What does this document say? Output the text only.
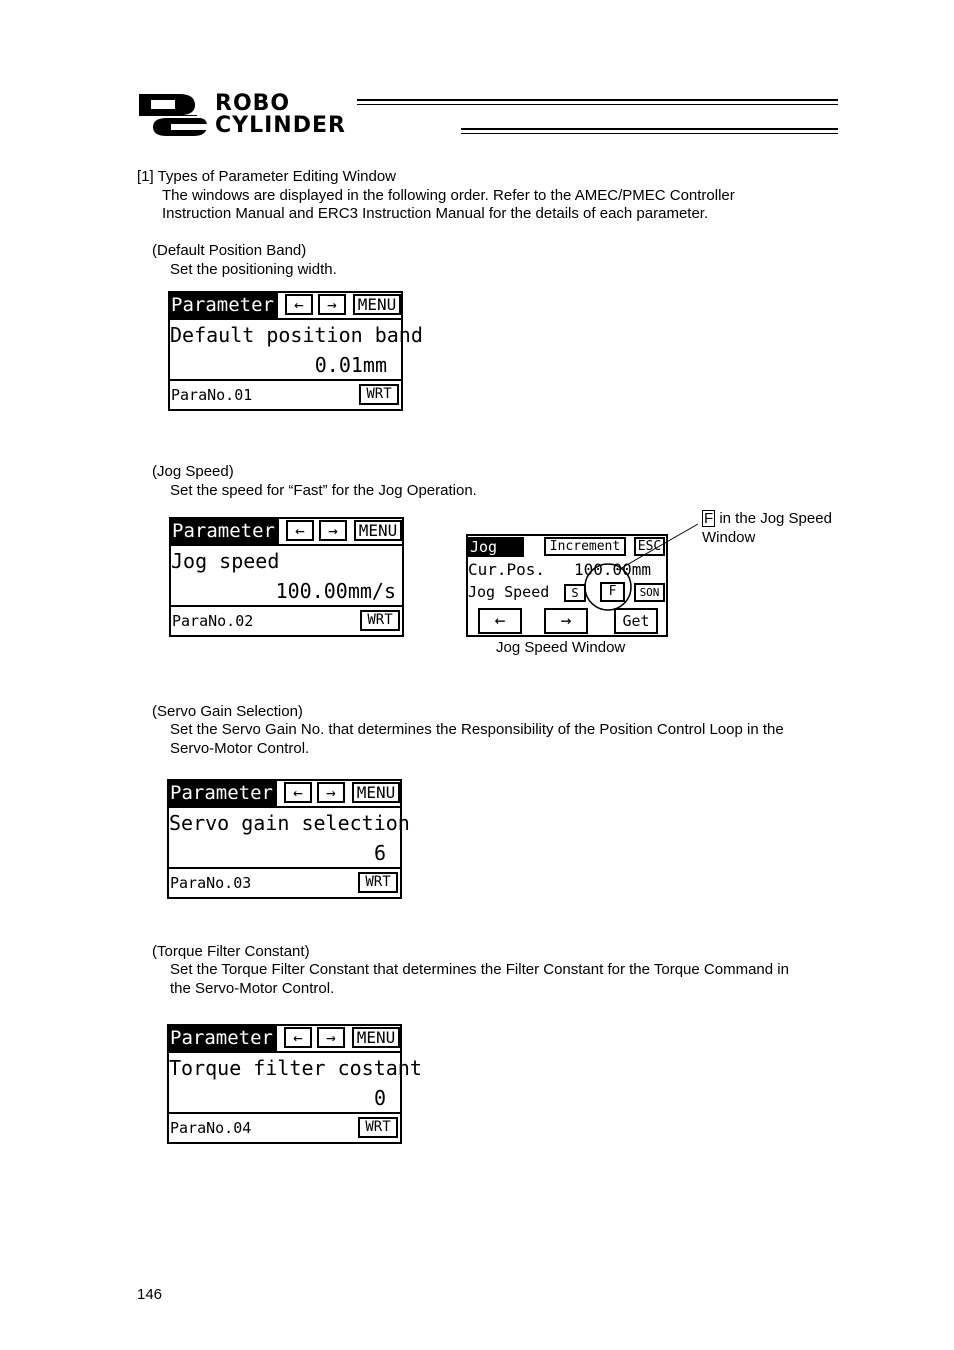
ROBO
CYLINDER
[1] Types of Parameter Editing Window
The windows are displayed in the following order. Refer to the AMEC/PMEC Controller
Instruction Manual and ERC3 Instruction Manual for the details of each parameter.
(Default Position Band)
Set the positioning width.
Parameter	←	→	MENU
Default position band
0.01mm
ParaNo.01	WRT
(Jog Speed)
Set the speed for “Fast” for the Jog Operation.
Parameter	←	→	MENU
Jog speed
100.00mm/s
ParaNo.02	WRT
Jog	Increment	ESC
Cur.Pos. 100.00mm
Jog Speed	S	F	SON
←	→	Get
F in the Jog Speed
Window
Jog Speed Window
(Servo Gain Selection)
Set the Servo Gain No. that determines the Responsibility of the Position Control Loop in the
Servo-Motor Control.
Parameter	←	→	MENU
Servo gain selection
6
ParaNo.03	WRT
(Torque Filter Constant)
Set the Torque Filter Constant that determines the Filter Constant for the Torque Command in
the Servo-Motor Control.
Parameter	←	→	MENU
Torque filter costant
0
ParaNo.04	WRT
146
